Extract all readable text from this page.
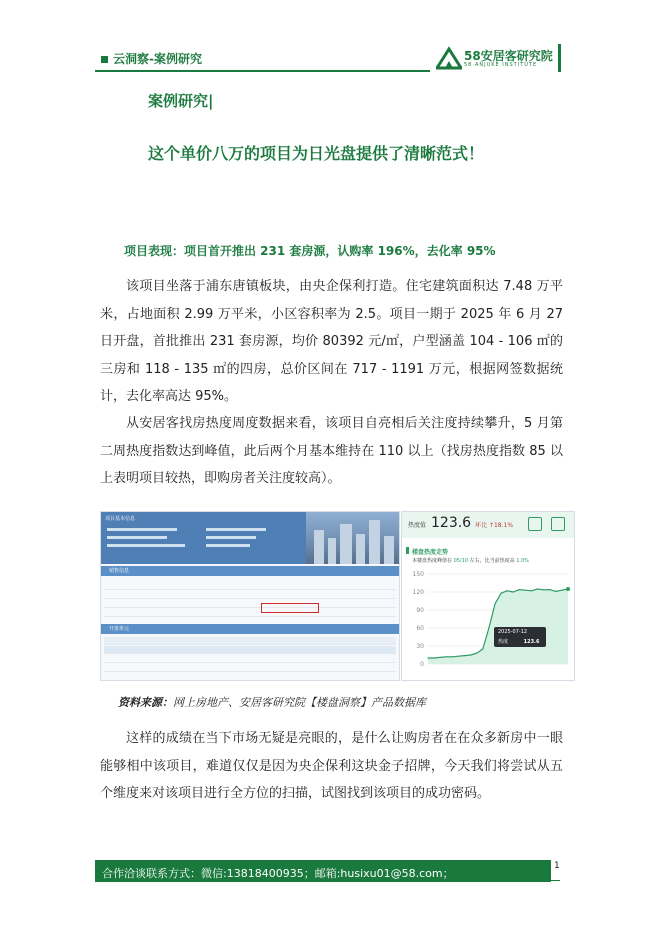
云洞察-案例研究	58安居客研究院
58·ANJUKE INSTITUTE
案例研究|
这个单价八万的项目为日光盘提供了清晰范式！
项目表现：项目首开推出 231 套房源，认购率 196%，去化率 95%
该项目坐落于浦东唐镇板块，由央企保利打造。住宅建筑面积达 7.48 万平米，占地面积 2.99 万平米，小区容积率为 2.5。项目一期于 2025 年 6 月 27 日开盘，首批推出 231 套房源，均价 80392 元/㎡，户型涵盖 104 - 106 ㎡的三房和 118 - 135 ㎡的四房，总价区间在 717 - 1191 万元，根据网签数据统计，去化率高达 95%。
从安居客找房热度周度数据来看，该项目自亮相后关注度持续攀升，5 月第二周热度指数达到峰值，此后两个月基本维持在 110 以上（找房热度指数 85 以上表明项目较热，即购房者关注度较高）。
项目基本信息
销售信息
开盘单元
热度值 123.6 环比 ↑18.1%
楼盘热度走势
本楼盘热度峰值在 05/10 左右，比当前热度高 1.0%
150
120
90
60
30
0
2025-07-12
热度	123.6
资料来源：网上房地产、安居客研究院【楼盘洞察】产品数据库
这样的成绩在当下市场无疑是亮眼的，是什么让购房者在在众多新房中一眼能够相中该项目，难道仅仅是因为央企保利这块金子招牌，今天我们将尝试从五个维度来对该项目进行全方位的扫描，试图找到该项目的成功密码。
1
合作洽谈联系方式：微信:13818400935；邮箱:husixu01@58.com；
